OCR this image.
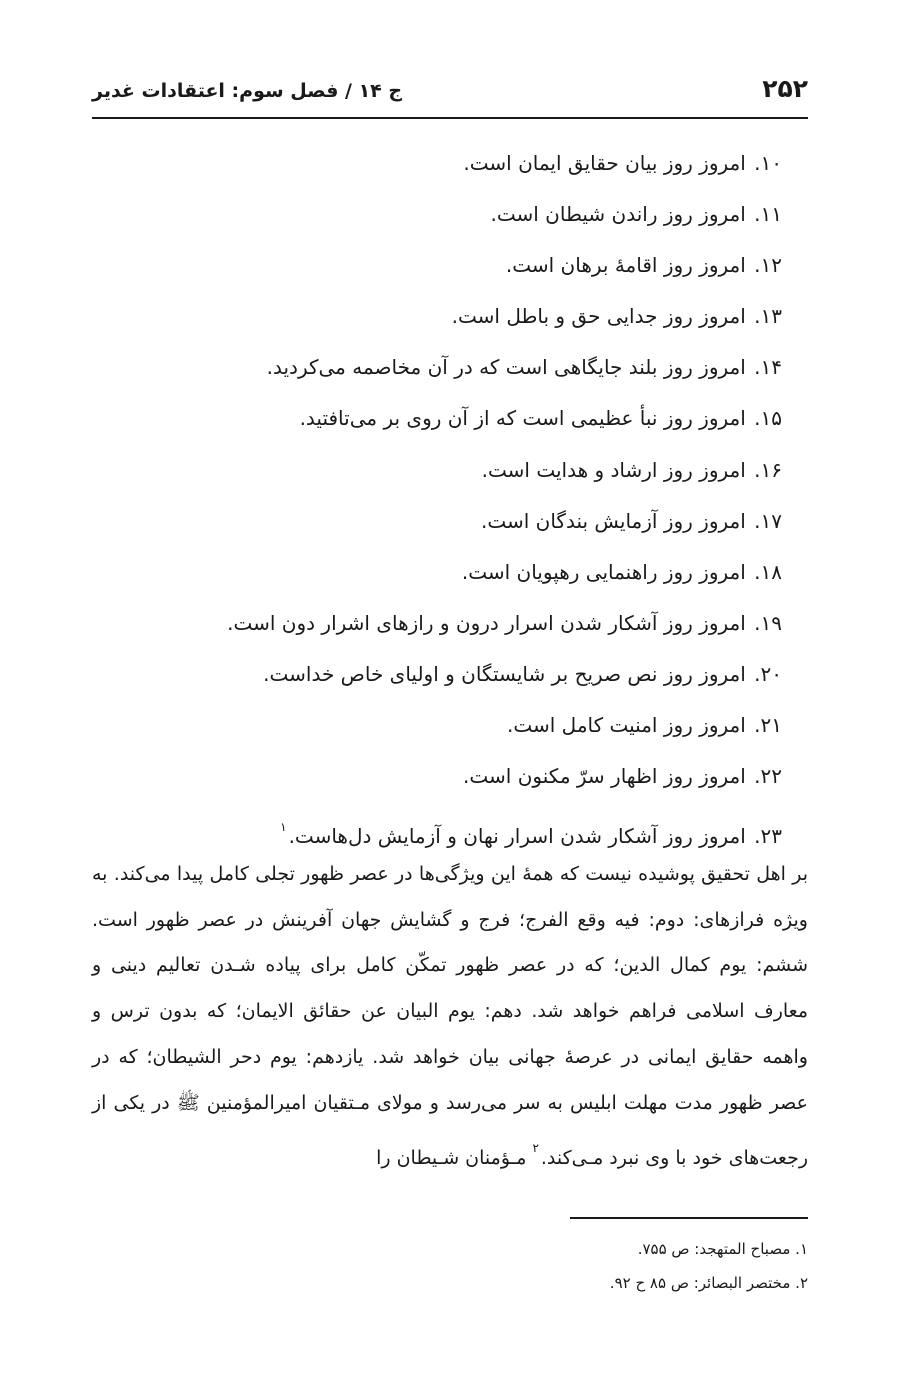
۲۵۲
ج ۱۴ / فصل سوم: اعتقادات غدیر
۱۰. امروز روز بیان حقایق ایمان است.
۱۱. امروز روز راندن شیطان است.
۱۲. امروز روز اقامهٔ برهان است.
۱۳. امروز روز جدایی حق و باطل است.
۱۴. امروز روز بلند جایگاهی است که در آن مخاصمه می‌کردید.
۱۵. امروز روز نبأ عظیمی است که از آن روی بر می‌تافتید.
۱۶. امروز روز ارشاد و هدایت است.
۱۷. امروز روز آزمایش بندگان است.
۱۸. امروز روز راهنمایی رهپویان است.
۱۹. امروز روز آشکار شدن اسرار درون و رازهای اشرار دون است.
۲۰. امروز روز نص صریح بر شایستگان و اولیای خاص خداست.
۲۱. امروز روز امنیت کامل است.
۲۲. امروز روز اظهار سرّ مکنون است.
۲۳. امروز روز آشکار شدن اسرار نهان و آزمایش دل‌هاست.$^۱$

بر اهل تحقیق پوشیده نیست که همهٔ این ویژگی‌ها در عصر ظهور تجلی کامل پیدا می‌کند. به ویژه فرازهای: دوم: فیه وقع الفرج؛ فرج و گشایش جهان آفرینش در عصر ظهور است. ششم: یوم کمال الدین؛ که در عصر ظهور تمکّن کامل برای پیاده شـدن تعالیم دینی و معارف اسلامی فراهم خواهد شد. دهم: یوم البیان عن حقائق الایمان؛ که بدون ترس و واهمه حقایق ایمانی در عرصهٔ جهانی بیان خواهد شد. یازدهم: یوم دحر الشیطان؛ که در عصر ظهور مدت مهلت ابلیس به سر می‌رسد و مولای مـتقیان امیرالمؤمنین ﷺ در یکی از رجعت‌های خود با وی نبرد مـی‌کند.$^۲$ مـؤمنان شـیطان را

۱. مصباح المتهجد: ص ۷۵۵.
۲. مختصر البصائر: ص ۸۵ ح ۹۲.
